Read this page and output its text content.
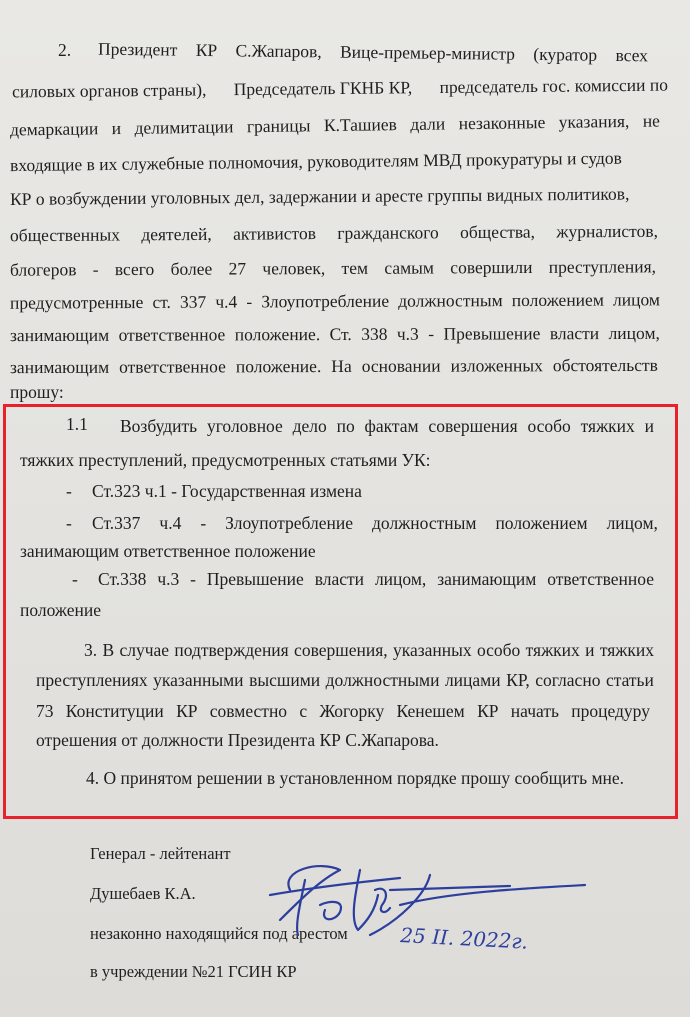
2. Президент КР С.Жапаров, Вице-премьер-министр (куратор всех
силовых органов страны), Председатель ГКНБ КР, председатель гос. комиссии по
демаркации и делимитации границы К.Ташиев дали незаконные указания, не
входящие в их служебные полномочия, руководителям МВД прокуратуры и судов
КР о возбуждении уголовных дел, задержании и аресте группы видных политиков,
общественных деятелей, активистов гражданского общества, журналистов,
блогеров - всего более 27 человек, тем самым совершили преступления,
предусмотренные ст. 337 ч.4 - Злоупотребление должностным положением лицом
занимающим ответственное положение. Ст. 338 ч.3 - Превышение власти лицом,
занимающим ответственное положение. На основании изложенных обстоятельств
прошу:
1.1	Возбудить уголовное дело по фактам совершения особо тяжких и
тяжких преступлений, предусмотренных статьями УК:
-	Ст.323 ч.1 - Государственная измена
-	Ст.337 ч.4 - Злоупотребление должностным положением лицом,
занимающим ответственное положение
-	Ст.338 ч.3 - Превышение власти лицом, занимающим ответственное
положение
3. В случае подтверждения совершения, указанных особо тяжких и тяжких
преступлениях указанными высшими должностными лицами КР, согласно статьи
73 Конституции КР совместно с Жогорку Кенешем КР начать процедуру
отрешения от должности Президента КР С.Жапарова.
4. О принятом решении в установленном порядке прошу сообщить мне.
Генерал - лейтенант
Душебаев К.А.
незаконно находящийся под арестом
в учреждении №21 ГСИН КР
25 II. 2022г.
